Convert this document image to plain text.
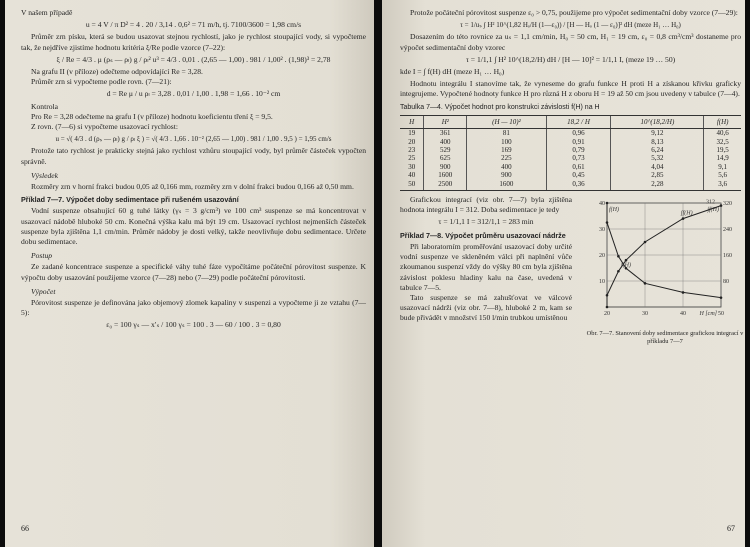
V našem případě

u = 4 V / π D² = 4 . 20 / 3,14 . 0,6² = 71 m/h, tj. 7100/3600 = 1,98 cm/s

Průměr zrn písku, která se budou usazovat stejnou rychlostí, jako je rychlost stoupající vody, si vypočteme tak, že nejdříve zjistíme hodnotu kritéria ξ/Re podle vzorce (7–22):

ξ / Re = 4/3 . μ (ρₛ — ρₗ) g / ρₗ² u³ = 4/3 . 0,01 . (2,65 — 1,00) . 981 / 1,00² . (1,98)³ = 2,78

Na grafu II (v příloze) odečteme odpovídající Re = 3,28.

Průměr zrn si vypočteme podle rovn. (7—21):

d = Re μ / u ρₗ = 3,28 . 0,01 / 1,00 . 1,98 = 1,66 . 10⁻² cm

Kontrola

Pro Re = 3,28 odečteme na grafu I (v příloze) hodnotu koeficientu tření ξ = 9,5.

Z rovn. (7—6) si vypočteme usazovací rychlost:

u = √( 4/3 . d (ρₛ — ρₗ) g / ρₗ ξ ) = √( 4/3 . 1,66 . 10⁻² (2,65 — 1,00) . 981 / 1,00 . 9,5 ) = 1,95 cm/s

Protože tato rychlost je prakticky stejná jako rychlost vzhůru stoupající vody, byl průměr částeček vypočten správně.

Výsledek

Rozměry zrn v horní frakci budou 0,05 až 0,166 mm, rozměry zrn v dolní frakci budou 0,166 až 0,50 mm.

Příklad 7—7. Výpočet doby sedimentace při rušeném usazování

Vodní suspenze obsahující 60 g tuhé látky (γₛ = 3 g/cm³) ve 100 cm³ suspenze se má koncentrovat v usazovací nádobě hluboké 50 cm. Konečná výška kalu má být 19 cm. Usazovací rychlost nejmenších částeček suspenze byla zjištěna 1,1 cm/min. Průměr nádoby je dosti velký, takže neovlivňuje dobu sedimentace. Určete dobu sedimentace.

Postup

Ze zadané koncentrace suspenze a specifické váhy tuhé fáze vypočítáme počáteční pórovitost suspenze. K výpočtu doby usazování použijeme vzorce (7—28) nebo (7—29) podle počáteční pórovitosti.

Výpočet

Pórovitost suspenze je definována jako objemový zlomek kapaliny v suspenzi a vypočteme ji ze vztahu (7—5):

ε₀ = 100 γₛ — x′ₛ / 100 γₛ = 100 . 3 — 60 / 100 . 3 = 0,80
66

Protože počáteční pórovitost suspenze ε₀ > 0,75, použijeme pro výpočet sedimentační doby vzorce (7—29):

τ = 1/uₛ ∫ H² 10^(1,82 Hₒ/H (1—ε₀)) / [H — Hₒ (1 — ε₀)]² dH (meze H₁ … H₀)

Dosazením do této rovnice za uₛ = 1,1 cm/min, H₀ = 50 cm, H₁ = 19 cm, ε₀ = 0,8 cm³/cm³ dostaneme pro výpočet sedimentační doby vzorec

τ = 1/1,1 ∫ H² 10^(18,2/H) dH / [H — 10]² = 1/1,1 I, (meze 19 … 50)
kde I = ∫ f(H) dH (meze H₁ … H₀)

Hodnotu integrálu I stanovíme tak, že vyneseme do grafu funkce H proti H a získanou křivku graficky integrujeme. Vypočtené hodnoty funkce H pro různá H z oboru H = 19 až 50 cm jsou uvedeny v tabulce (7—4).

Tabulka 7—4. Výpočet hodnot pro konstrukci závislosti f(H) na H
H	H²	(H — 10)²	18,2 / H	10^(18,2/H)	f(H)
19	361	81	0,96	9,12	40,6
20	400	100	0,91	8,13	32,5
23	529	169	0,79	6,24	19,5
25	625	225	0,73	5,32	14,9
30	900	400	0,61	4,04	9,1
40	1600	900	0,45	2,85	5,6
50	2500	1600	0,36	2,28	3,6

Grafickou integrací (viz obr. 7—7) byla zjištěna hodnota integrálu I = 312. Doba sedimentace je tedy

τ = 1/1,1 I = 312/1,1 = 283 min
Příklad 7—8. Výpočet průměru usazovací nádrže

Při laboratorním proměřování usazovací doby určité vodní suspenze ve skleněném válci při naplnění vůče zkoumanou suspenzí vždy do výšky 80 cm byla zjištěna závislost poklesu hladiny kalu na čase, uvedená v tabulce 7—5.

Tato suspenze se má zahušťovat ve válcové usazovací nádrži (viz obr. 7—8), hluboké 2 m, kam se bude přivádět v množství 150 l/min trubkou umístěnou	20	30	40	50
10
20
30
40
80
160
240
320
H [cm]
f(H)	∫f(H)
f(H)
∫f(H)
312
Obr. 7—7. Stanovení doby sedimentace grafickou integrací v příkladu 7—7
67
